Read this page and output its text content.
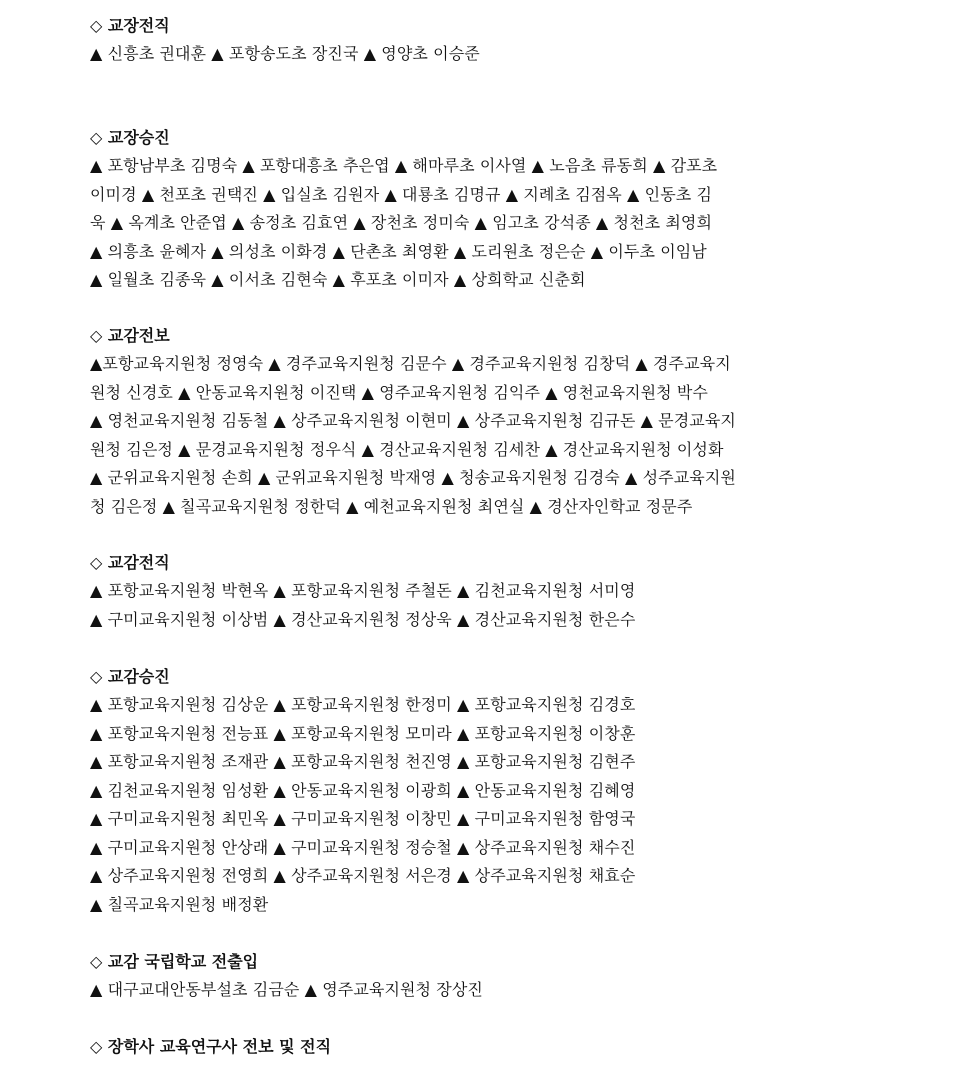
◇ 교장전직
▲ 신흥초 권대훈 ▲ 포항송도초 장진국 ▲ 영양초 이승준
◇ 교장승진
▲ 포항남부초 김명숙 ▲ 포항대흥초 추은엽 ▲ 해마루초 이사열 ▲ 노음초 류동희 ▲ 감포초
이미경 ▲ 천포초 권택진 ▲ 입실초 김원자 ▲ 대룡초 김명규 ▲ 지례초 김점옥 ▲ 인동초 김
욱 ▲ 옥계초 안준엽 ▲ 송정초 김효연 ▲ 장천초 정미숙 ▲ 임고초 강석종 ▲ 청천초 최영희
▲ 의흥초 윤혜자 ▲ 의성초 이화경 ▲ 단촌초 최영환 ▲ 도리원초 정은순 ▲ 이두초 이임남
▲ 일월초 김종욱 ▲ 이서초 김현숙 ▲ 후포초 이미자 ▲ 상희학교 신춘회
◇ 교감전보
▲포항교육지원청 정영숙 ▲ 경주교육지원청 김문수 ▲ 경주교육지원청 김창덕 ▲ 경주교육지
원청 신경호 ▲ 안동교육지원청 이진택 ▲ 영주교육지원청 김익주 ▲ 영천교육지원청 박수
▲ 영천교육지원청 김동철 ▲ 상주교육지원청 이현미 ▲ 상주교육지원청 김규돈 ▲ 문경교육지
원청 김은정 ▲ 문경교육지원청 정우식 ▲ 경산교육지원청 김세찬 ▲ 경산교육지원청 이성화
▲ 군위교육지원청 손희 ▲ 군위교육지원청 박재영 ▲ 청송교육지원청 김경숙 ▲ 성주교육지원
청 김은정 ▲ 칠곡교육지원청 정한덕 ▲ 예천교육지원청 최연실 ▲ 경산자인학교 정문주
◇ 교감전직
▲ 포항교육지원청 박현옥 ▲ 포항교육지원청 주철돈 ▲ 김천교육지원청 서미영
▲ 구미교육지원청 이상범 ▲ 경산교육지원청 정상욱 ▲ 경산교육지원청 한은수
◇ 교감승진
▲ 포항교육지원청 김상운 ▲ 포항교육지원청 한정미 ▲ 포항교육지원청 김경호
▲ 포항교육지원청 전능표 ▲ 포항교육지원청 모미라 ▲ 포항교육지원청 이창훈
▲ 포항교육지원청 조재관 ▲ 포항교육지원청 천진영 ▲ 포항교육지원청 김현주
▲ 김천교육지원청 임성환 ▲ 안동교육지원청 이광희 ▲ 안동교육지원청 김혜영
▲ 구미교육지원청 최민옥 ▲ 구미교육지원청 이창민 ▲ 구미교육지원청 함영국
▲ 구미교육지원청 안상래 ▲ 구미교육지원청 정승철 ▲ 상주교육지원청 채수진
▲ 상주교육지원청 전영희 ▲ 상주교육지원청 서은경 ▲ 상주교육지원청 채효순
▲ 칠곡교육지원청 배정환
◇ 교감 국립학교 전출입
▲ 대구교대안동부설초 김금순 ▲ 영주교육지원청 장상진
◇ 장학사 교육연구사 전보 및 전직
